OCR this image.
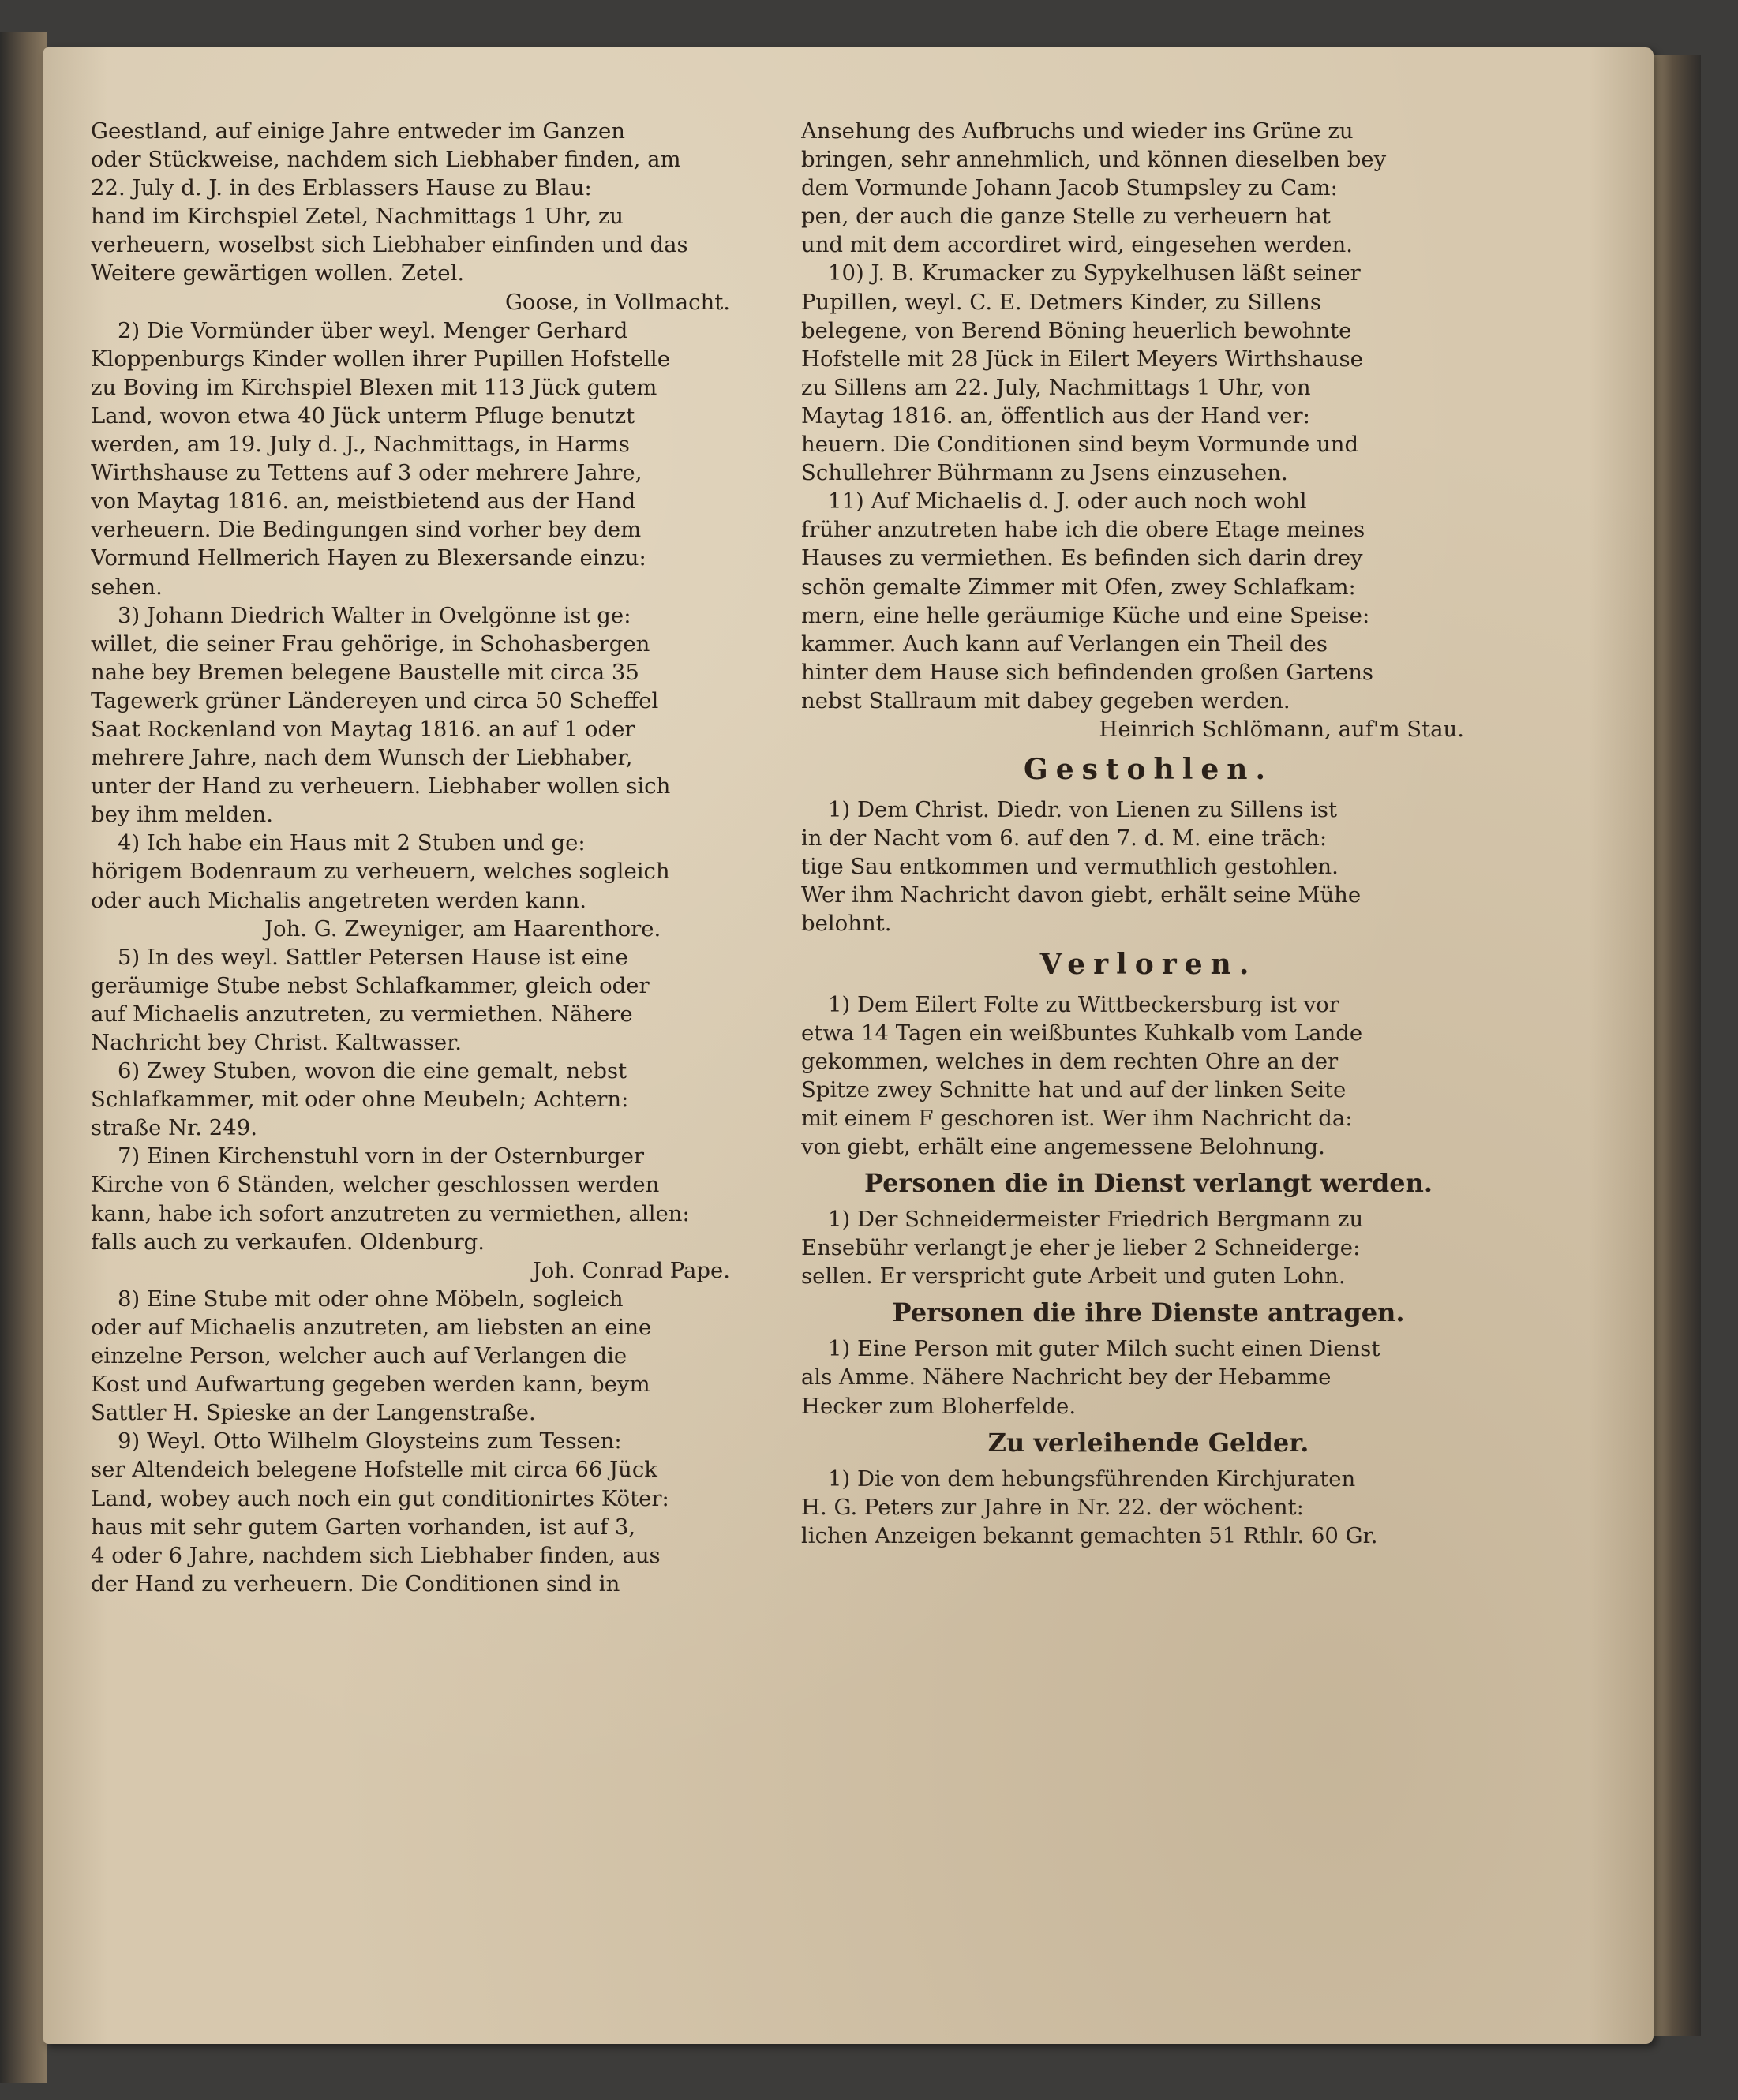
Geestland, auf einige Jahre entweder im Ganzen
oder Stückweise, nachdem sich Liebhaber finden, am
22. July d. J. in des Erblassers Hause zu Blau:
hand im Kirchspiel Zetel, Nachmittags 1 Uhr, zu
verheuern, woselbst sich Liebhaber einfinden und das
Weitere gewärtigen wollen. Zetel.
Goose, in Vollmacht.
2) Die Vormünder über weyl. Menger Gerhard
Kloppenburgs Kinder wollen ihrer Pupillen Hofstelle
zu Boving im Kirchspiel Blexen mit 113 Jück gutem
Land, wovon etwa 40 Jück unterm Pfluge benutzt
werden, am 19. July d. J., Nachmittags, in Harms
Wirthshause zu Tettens auf 3 oder mehrere Jahre,
von Maytag 1816. an, meistbietend aus der Hand
verheuern. Die Bedingungen sind vorher bey dem
Vormund Hellmerich Hayen zu Blexersande einzu:
sehen.
3) Johann Diedrich Walter in Ovelgönne ist ge:
willet, die seiner Frau gehörige, in Schohasbergen
nahe bey Bremen belegene Baustelle mit circa 35
Tagewerk grüner Ländereyen und circa 50 Scheffel
Saat Rockenland von Maytag 1816. an auf 1 oder
mehrere Jahre, nach dem Wunsch der Liebhaber,
unter der Hand zu verheuern. Liebhaber wollen sich
bey ihm melden.
4) Ich habe ein Haus mit 2 Stuben und ge:
hörigem Bodenraum zu verheuern, welches sogleich
oder auch Michalis angetreten werden kann.
Joh. G. Zweyniger, am Haarenthore.
5) In des weyl. Sattler Petersen Hause ist eine
geräumige Stube nebst Schlafkammer, gleich oder
auf Michaelis anzutreten, zu vermiethen. Nähere
Nachricht bey Christ. Kaltwasser.
6) Zwey Stuben, wovon die eine gemalt, nebst
Schlafkammer, mit oder ohne Meubeln; Achtern:
straße Nr. 249.
7) Einen Kirchenstuhl vorn in der Osternburger
Kirche von 6 Ständen, welcher geschlossen werden
kann, habe ich sofort anzutreten zu vermiethen, allen:
falls auch zu verkaufen. Oldenburg.
Joh. Conrad Pape.
8) Eine Stube mit oder ohne Möbeln, sogleich
oder auf Michaelis anzutreten, am liebsten an eine
einzelne Person, welcher auch auf Verlangen die
Kost und Aufwartung gegeben werden kann, beym
Sattler H. Spieske an der Langenstraße.
9) Weyl. Otto Wilhelm Gloysteins zum Tessen:
ser Altendeich belegene Hofstelle mit circa 66 Jück
Land, wobey auch noch ein gut conditionirtes Köter:
haus mit sehr gutem Garten vorhanden, ist auf 3,
4 oder 6 Jahre, nachdem sich Liebhaber finden, aus
der Hand zu verheuern. Die Conditionen sind in
Ansehung des Aufbruchs und wieder ins Grüne zu
bringen, sehr annehmlich, und können dieselben bey
dem Vormunde Johann Jacob Stumpsley zu Cam:
pen, der auch die ganze Stelle zu verheuern hat
und mit dem accordiret wird, eingesehen werden.
10) J. B. Krumacker zu Sypykelhusen läßt seiner
Pupillen, weyl. C. E. Detmers Kinder, zu Sillens
belegene, von Berend Böning heuerlich bewohnte
Hofstelle mit 28 Jück in Eilert Meyers Wirthshause
zu Sillens am 22. July, Nachmittags 1 Uhr, von
Maytag 1816. an, öffentlich aus der Hand ver:
heuern. Die Conditionen sind beym Vormunde und
Schullehrer Bührmann zu Jsens einzusehen.
11) Auf Michaelis d. J. oder auch noch wohl
früher anzutreten habe ich die obere Etage meines
Hauses zu vermiethen. Es befinden sich darin drey
schön gemalte Zimmer mit Ofen, zwey Schlafkam:
mern, eine helle geräumige Küche und eine Speise:
kammer. Auch kann auf Verlangen ein Theil des
hinter dem Hause sich befindenden großen Gartens
nebst Stallraum mit dabey gegeben werden.
Heinrich Schlömann, auf'm Stau.
Gestohlen.
1) Dem Christ. Diedr. von Lienen zu Sillens ist
in der Nacht vom 6. auf den 7. d. M. eine träch:
tige Sau entkommen und vermuthlich gestohlen.
Wer ihm Nachricht davon giebt, erhält seine Mühe
belohnt.
Verloren.
1) Dem Eilert Folte zu Wittbeckersburg ist vor
etwa 14 Tagen ein weißbuntes Kuhkalb vom Lande
gekommen, welches in dem rechten Ohre an der
Spitze zwey Schnitte hat und auf der linken Seite
mit einem F geschoren ist. Wer ihm Nachricht da:
von giebt, erhält eine angemessene Belohnung.
Personen die in Dienst verlangt werden.
1) Der Schneidermeister Friedrich Bergmann zu
Ensebühr verlangt je eher je lieber 2 Schneiderge:
sellen. Er verspricht gute Arbeit und guten Lohn.
Personen die ihre Dienste antragen.
1) Eine Person mit guter Milch sucht einen Dienst
als Amme. Nähere Nachricht bey der Hebamme
Hecker zum Bloherfelde.
Zu verleihende Gelder.
1) Die von dem hebungsführenden Kirchjuraten
H. G. Peters zur Jahre in Nr. 22. der wöchent:
lichen Anzeigen bekannt gemachten 51 Rthlr. 60 Gr.
